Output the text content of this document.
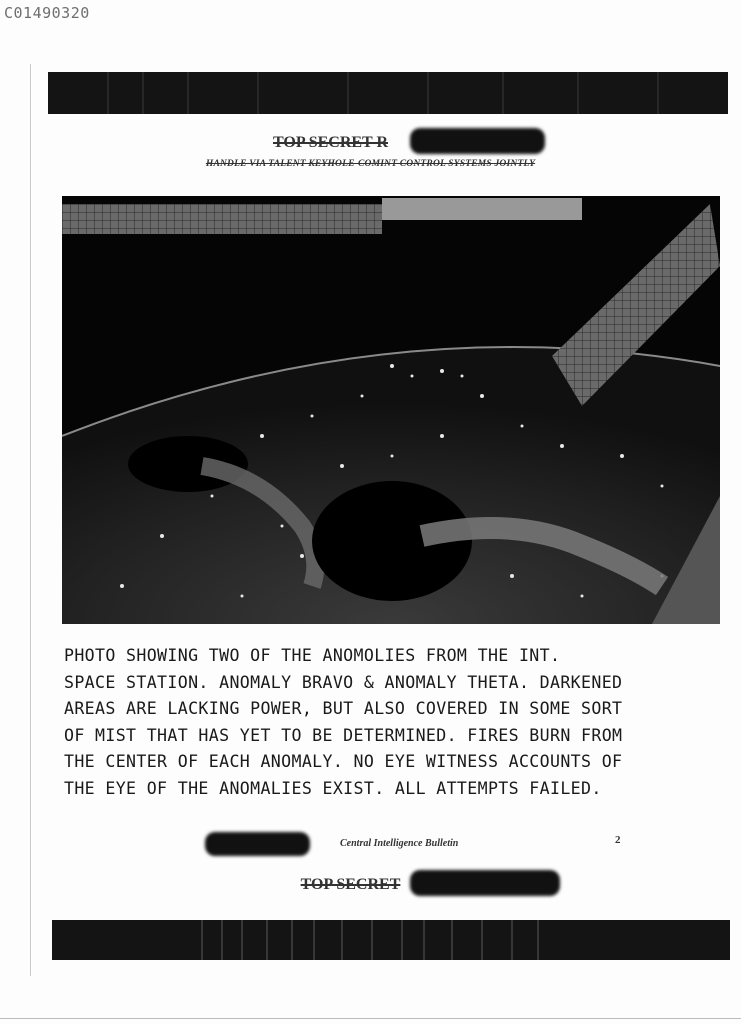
C01490320
TOP SECRET R
HANDLE VIA TALENT-KEYHOLE-COMINT CONTROL SYSTEMS JOINTLY
PHOTO SHOWING TWO OF THE ANOMOLIES FROM THE INT.
SPACE STATION. ANOMALY BRAVO & ANOMALY THETA. DARKENED
AREAS ARE LACKING POWER, BUT ALSO COVERED IN SOME SORT
OF MIST THAT HAS YET TO BE DETERMINED. FIRES BURN FROM
THE CENTER OF EACH ANOMALY. NO EYE WITNESS ACCOUNTS OF
THE EYE OF THE ANOMALIES EXIST. ALL ATTEMPTS FAILED.
Central Intelligence Bulletin	2
TOP SECRET
